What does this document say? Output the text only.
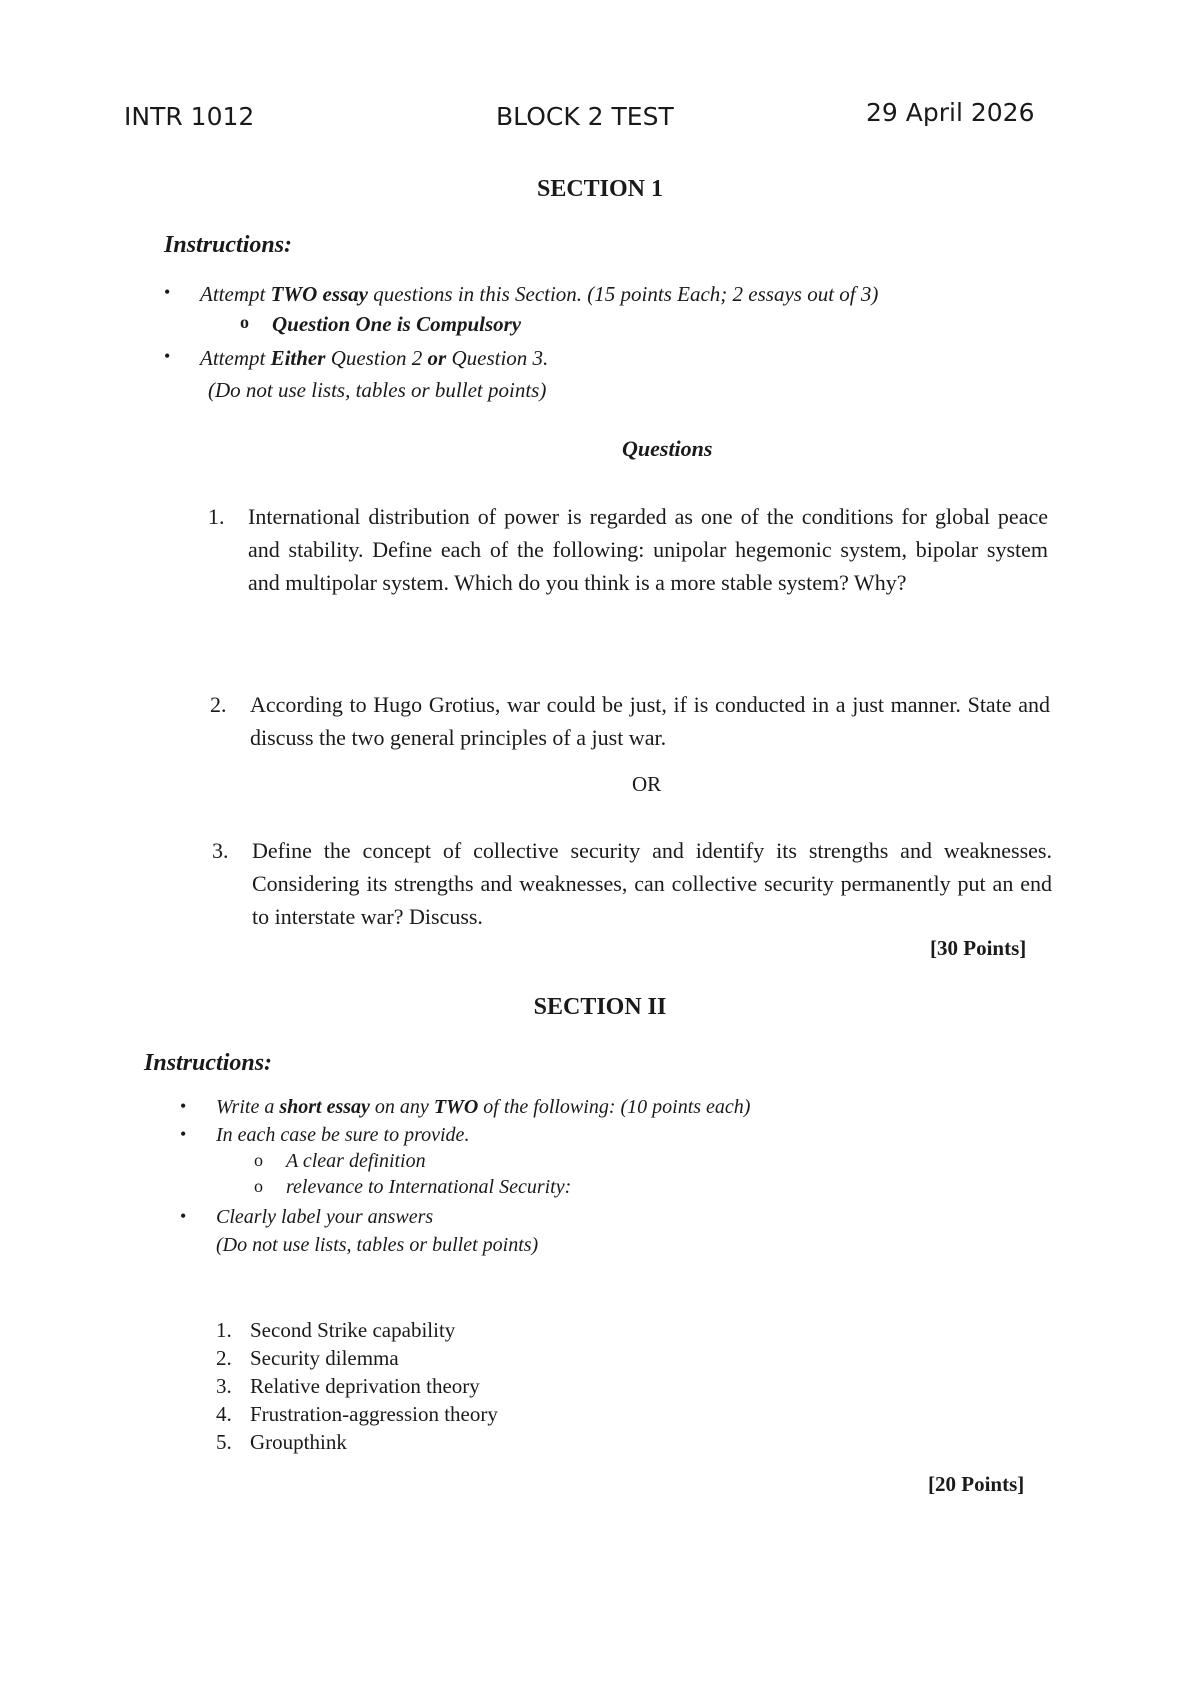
INTR 1012	BLOCK 2 TEST	29 April 2026
SECTION 1
Instructions:
•	Attempt TWO essay questions in this Section. (15 points Each; 2 essays out of 3)
o	Question One is Compulsory
•	Attempt Either Question 2 or Question 3.
(Do not use lists, tables or bullet points)
Questions
1.	International distribution of power is regarded as one of the conditions for global peace and stability. Define each of the following: unipolar hegemonic system, bipolar system and multipolar system. Which do you think is a more stable system? Why?
2.	According to Hugo Grotius, war could be just, if is conducted in a just manner. State and discuss the two general principles of a just war.
OR
3.	Define the concept of collective security and identify its strengths and weaknesses. Considering its strengths and weaknesses, can collective security permanently put an end to interstate war? Discuss.
[30 Points]
SECTION II
Instructions:
•	Write a short essay on any TWO of the following: (10 points each)
•	In each case be sure to provide.
o	A clear definition
o	relevance to International Security:
•	Clearly label your answers
(Do not use lists, tables or bullet points)
1. Second Strike capability
2. Security dilemma
3. Relative deprivation theory
4. Frustration-aggression theory
5. Groupthink
[20 Points]
